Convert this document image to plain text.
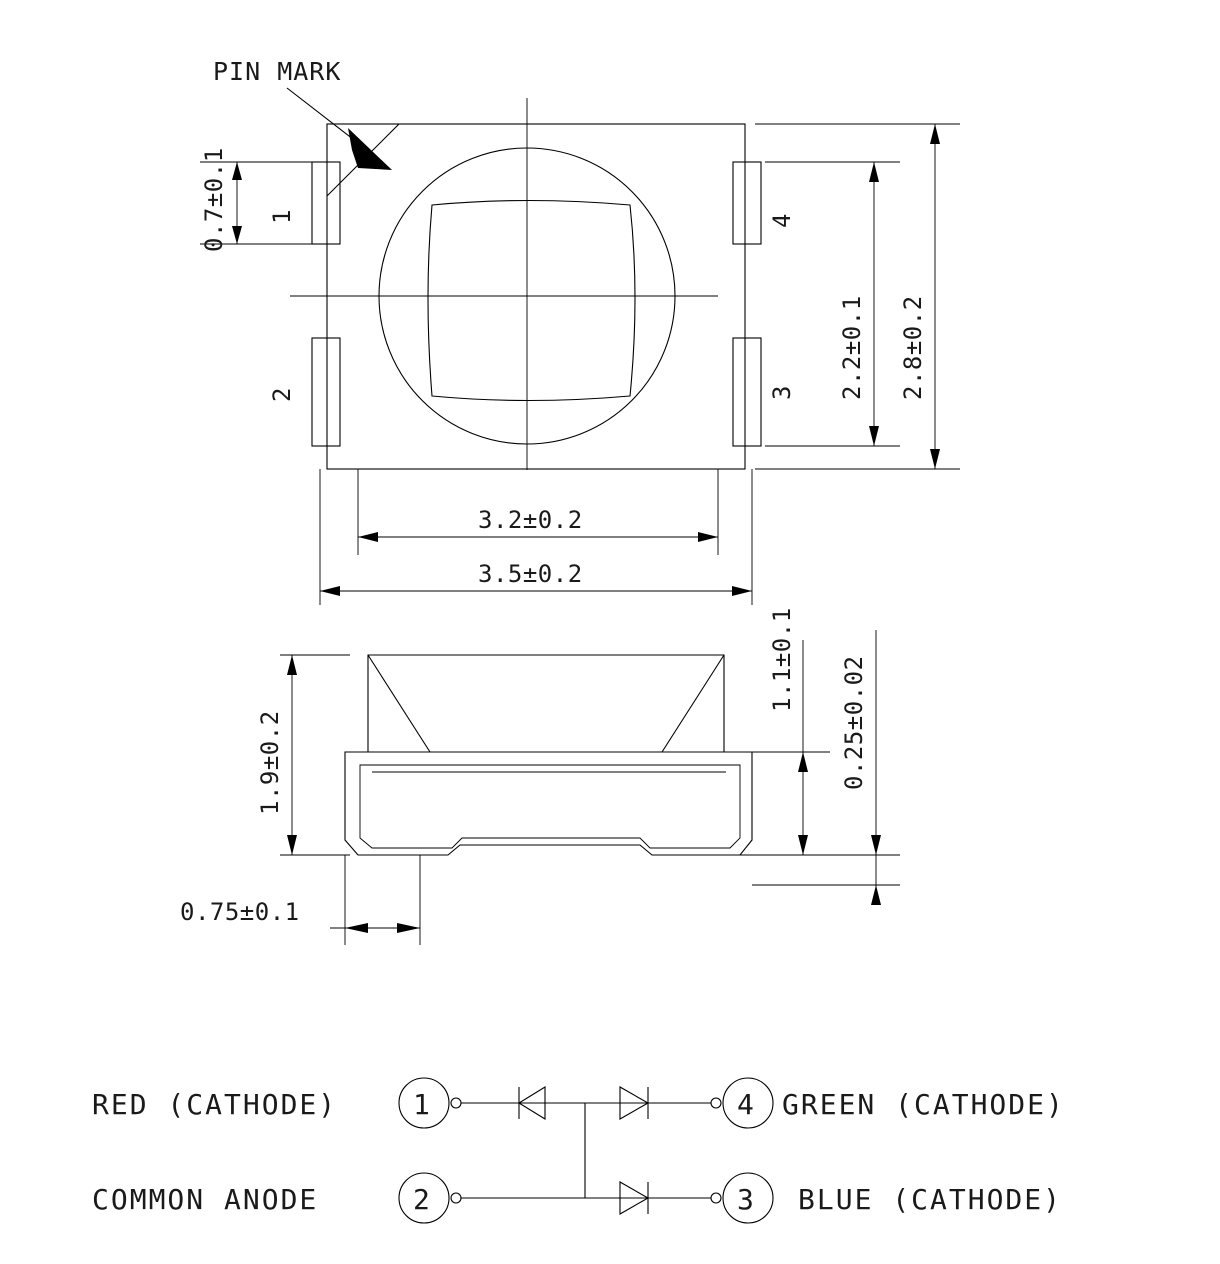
PIN MARK
1
2	3
4
0.7±0.1
2.2±0.1 2.8±0.2
3.2±0.2
3.5±0.2
1.9±0.2
1.1±0.1 0.25±0.02
0.75±0.1
1
2
4
3
RED (CATHODE)
COMMON ANODE
GREEN (CATHODE)
BLUE (CATHODE)
